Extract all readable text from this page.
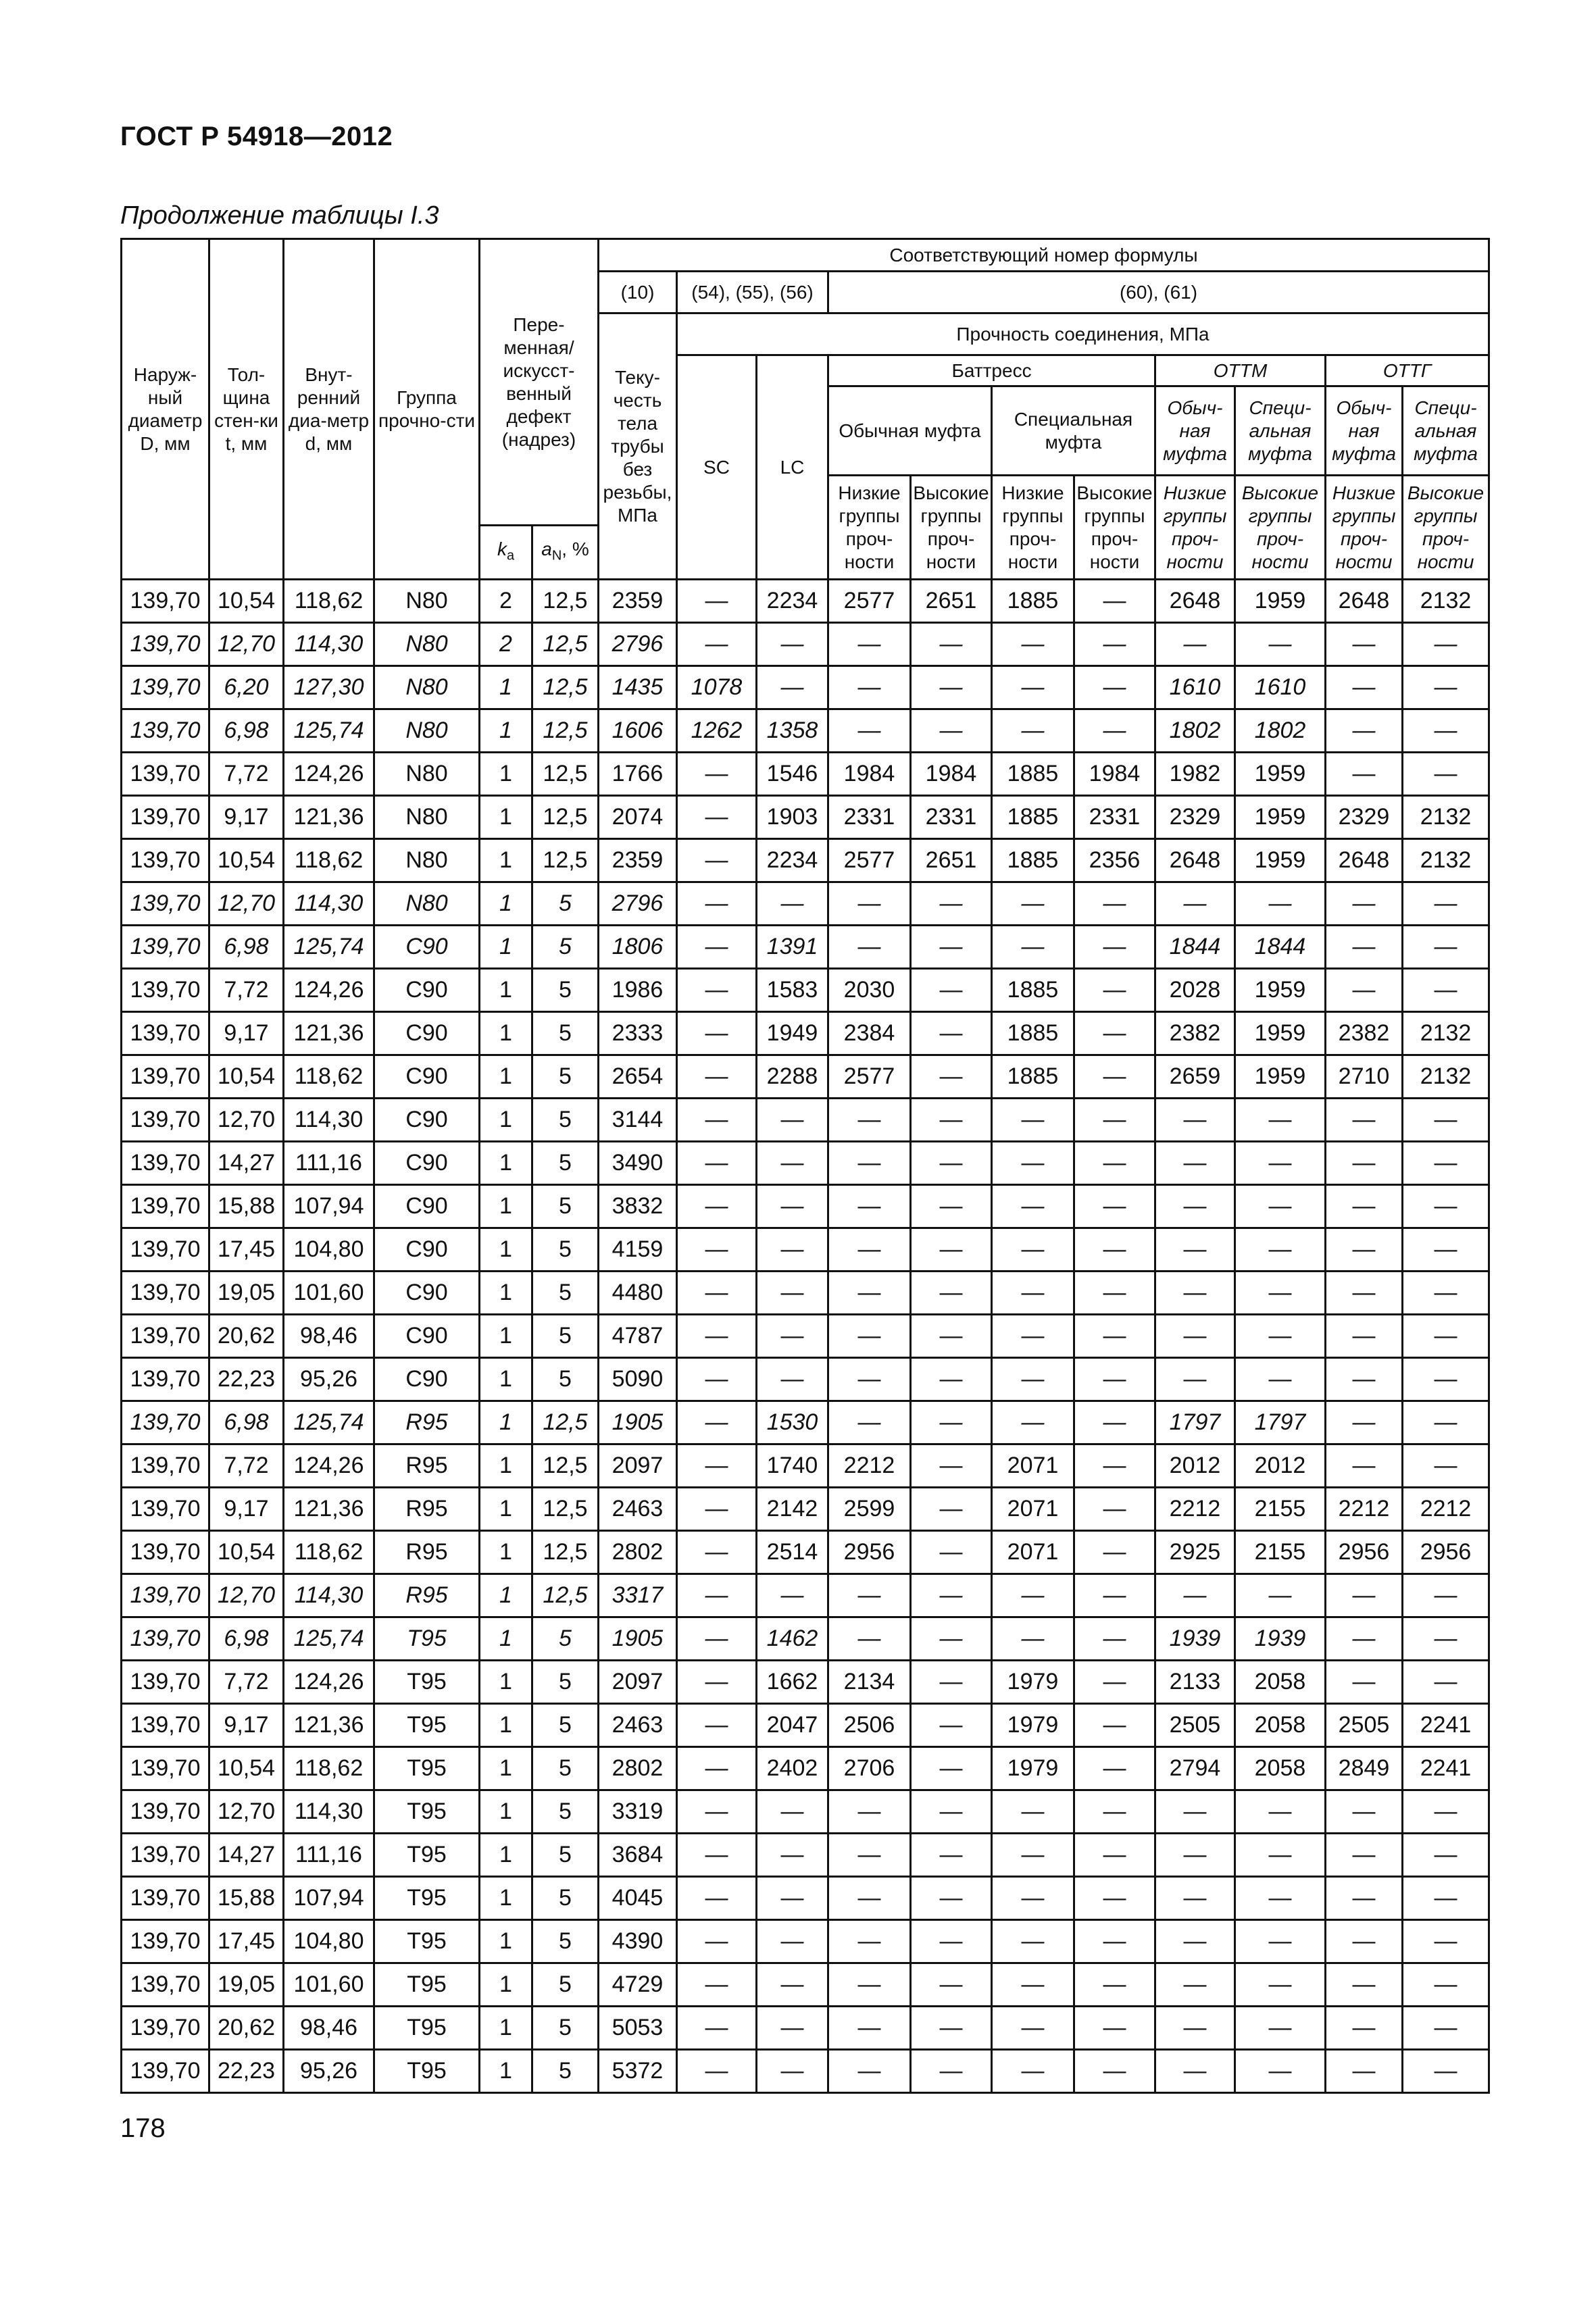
ГОСТ Р 54918—2012
Продолжение таблицы I.3
Наруж-ный диаметр D, мм	Тол-щина стен-ки t, мм	Внут-ренний диа-метр d, мм	Группа прочно-сти	Пере-менная/ искусст-венный дефект (надрез)		Соответствующий номер формулы										
						(10)	(54), (55), (56)		(60), (61)							
						Теку-честь тела трубы без резьбы, МПа	Прочность соединения, МПа									
							SC	LC	Баттресс				ОТТМ		ОТТГ	
									Обычная муфта		Специальная муфта		Обыч-ная муфта	Специ-альная муфта	Обыч-ная муфта	Специ-альная муфта
									Низкие группы проч-ности	Высокие группы проч-ности	Низкие группы проч-ности	Высокие группы проч-ности	Низкие группы проч-ности	Высокие группы проч-ности	Низкие группы проч-ности	Высокие группы проч-ности
				$k_a$	$a_N$, %											
139,70	10,54	118,62	N80	2	12,5	2359	—	2234	2577	2651	1885	—	2648	1959	2648	2132
139,70	12,70	114,30	N80	2	12,5	2796	—	—	—	—	—	—	—	—	—	—
139,70	6,20	127,30	N80	1	12,5	1435	1078	—	—	—	—	—	1610	1610	—	—
139,70	6,98	125,74	N80	1	12,5	1606	1262	1358	—	—	—	—	1802	1802	—	—
139,70	7,72	124,26	N80	1	12,5	1766	—	1546	1984	1984	1885	1984	1982	1959	—	—
139,70	9,17	121,36	N80	1	12,5	2074	—	1903	2331	2331	1885	2331	2329	1959	2329	2132
139,70	10,54	118,62	N80	1	12,5	2359	—	2234	2577	2651	1885	2356	2648	1959	2648	2132
139,70	12,70	114,30	N80	1	5	2796	—	—	—	—	—	—	—	—	—	—
139,70	6,98	125,74	C90	1	5	1806	—	1391	—	—	—	—	1844	1844	—	—
139,70	7,72	124,26	C90	1	5	1986	—	1583	2030	—	1885	—	2028	1959	—	—
139,70	9,17	121,36	C90	1	5	2333	—	1949	2384	—	1885	—	2382	1959	2382	2132
139,70	10,54	118,62	C90	1	5	2654	—	2288	2577	—	1885	—	2659	1959	2710	2132
139,70	12,70	114,30	C90	1	5	3144	—	—	—	—	—	—	—	—	—	—
139,70	14,27	111,16	C90	1	5	3490	—	—	—	—	—	—	—	—	—	—
139,70	15,88	107,94	C90	1	5	3832	—	—	—	—	—	—	—	—	—	—
139,70	17,45	104,80	C90	1	5	4159	—	—	—	—	—	—	—	—	—	—
139,70	19,05	101,60	C90	1	5	4480	—	—	—	—	—	—	—	—	—	—
139,70	20,62	98,46	C90	1	5	4787	—	—	—	—	—	—	—	—	—	—
139,70	22,23	95,26	C90	1	5	5090	—	—	—	—	—	—	—	—	—	—
139,70	6,98	125,74	R95	1	12,5	1905	—	1530	—	—	—	—	1797	1797	—	—
139,70	7,72	124,26	R95	1	12,5	2097	—	1740	2212	—	2071	—	2012	2012	—	—
139,70	9,17	121,36	R95	1	12,5	2463	—	2142	2599	—	2071	—	2212	2155	2212	2212
139,70	10,54	118,62	R95	1	12,5	2802	—	2514	2956	—	2071	—	2925	2155	2956	2956
139,70	12,70	114,30	R95	1	12,5	3317	—	—	—	—	—	—	—	—	—	—
139,70	6,98	125,74	T95	1	5	1905	—	1462	—	—	—	—	1939	1939	—	—
139,70	7,72	124,26	T95	1	5	2097	—	1662	2134	—	1979	—	2133	2058	—	—
139,70	9,17	121,36	T95	1	5	2463	—	2047	2506	—	1979	—	2505	2058	2505	2241
139,70	10,54	118,62	T95	1	5	2802	—	2402	2706	—	1979	—	2794	2058	2849	2241
139,70	12,70	114,30	T95	1	5	3319	—	—	—	—	—	—	—	—	—	—
139,70	14,27	111,16	T95	1	5	3684	—	—	—	—	—	—	—	—	—	—
139,70	15,88	107,94	T95	1	5	4045	—	—	—	—	—	—	—	—	—	—
139,70	17,45	104,80	T95	1	5	4390	—	—	—	—	—	—	—	—	—	—
139,70	19,05	101,60	T95	1	5	4729	—	—	—	—	—	—	—	—	—	—
139,70	20,62	98,46	T95	1	5	5053	—	—	—	—	—	—	—	—	—	—
139,70	22,23	95,26	T95	1	5	5372	—	—	—	—	—	—	—	—	—	—
178
